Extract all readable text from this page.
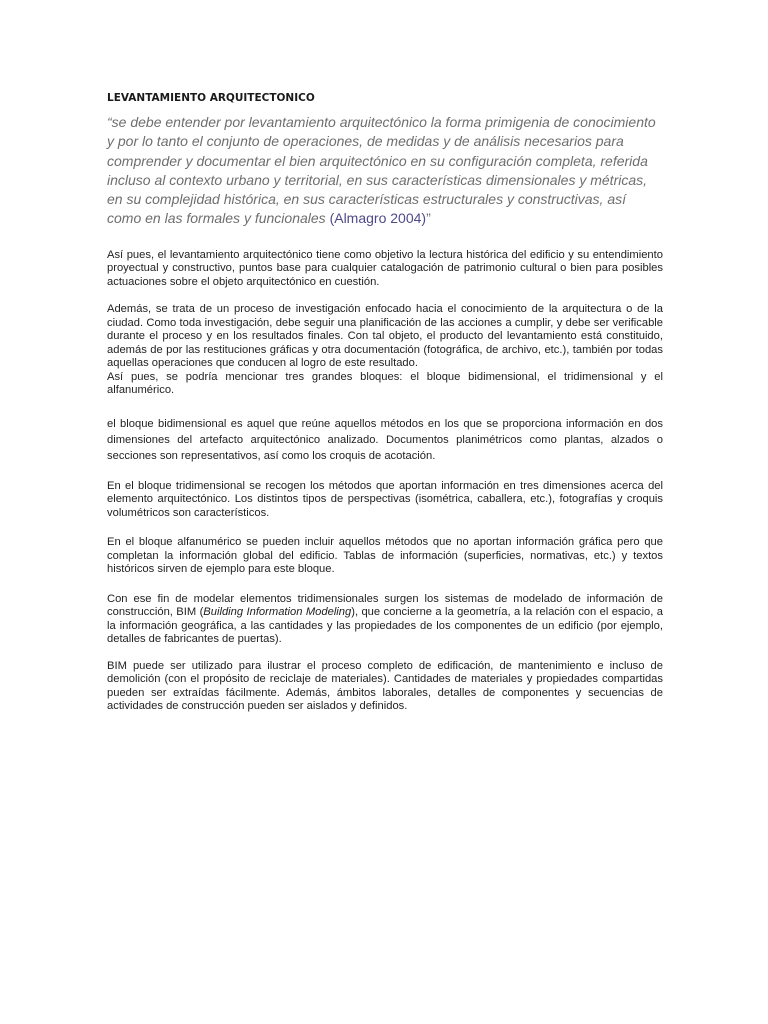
LEVANTAMIENTO ARQUITECTONICO

“se debe entender por levantamiento arquitectónico la forma primigenia de conocimiento y por lo tanto el conjunto de operaciones, de medidas y de análisis necesarios para comprender y documentar el bien arquitectónico en su configuración completa, referida incluso al contexto urbano y territorial, en sus características dimensionales y métricas, en su complejidad histórica, en sus características estructurales y constructivas, así como en las formales y funcionales (Almagro 2004)”

Así pues, el levantamiento arquitectónico tiene como objetivo la lectura histórica del edificio y su entendimiento proyectual y constructivo, puntos base para cualquier catalogación de patrimonio cultural o bien para posibles actuaciones sobre el objeto arquitectónico en cuestión.

Además, se trata de un proceso de investigación enfocado hacia el conocimiento de la arquitectura o de la ciudad. Como toda investigación, debe seguir una planificación de las acciones a cumplir, y debe ser verificable durante el proceso y en los resultados finales. Con tal objeto, el producto del levantamiento está constituido, además de por las restituciones gráficas y otra documentación (fotográfica, de archivo, etc.), también por todas aquellas operaciones que conducen al logro de este resultado.

Así pues, se podría mencionar tres grandes bloques: el bloque bidimensional, el tridimensional y el alfanumérico.

el bloque bidimensional es aquel que reúne aquellos métodos en los que se proporciona información en dos dimensiones del artefacto arquitectónico analizado. Documentos planimétricos como plantas, alzados o secciones son representativos, así como los croquis de acotación.

En el bloque tridimensional se recogen los métodos que aportan información en tres dimensiones acerca del elemento arquitectónico. Los distintos tipos de perspectivas (isométrica, caballera, etc.), fotografías y croquis volumétricos son característicos.

En el bloque alfanumérico se pueden incluir aquellos métodos que no aportan información gráfica pero que completan la información global del edificio. Tablas de información (superficies, normativas, etc.) y textos históricos sirven de ejemplo para este bloque.

Con ese fin de modelar elementos tridimensionales surgen los sistemas de modelado de información de construcción, BIM (Building Information Modeling), que concierne a la geometría, a la relación con el espacio, a la información geográfica, a las cantidades y las propiedades de los componentes de un edificio (por ejemplo, detalles de fabricantes de puertas).

BIM puede ser utilizado para ilustrar el proceso completo de edificación, de mantenimiento e incluso de demolición (con el propósito de reciclaje de materiales). Cantidades de materiales y propiedades compartidas pueden ser extraídas fácilmente. Además, ámbitos laborales, detalles de componentes y secuencias de actividades de construcción pueden ser aislados y definidos.
